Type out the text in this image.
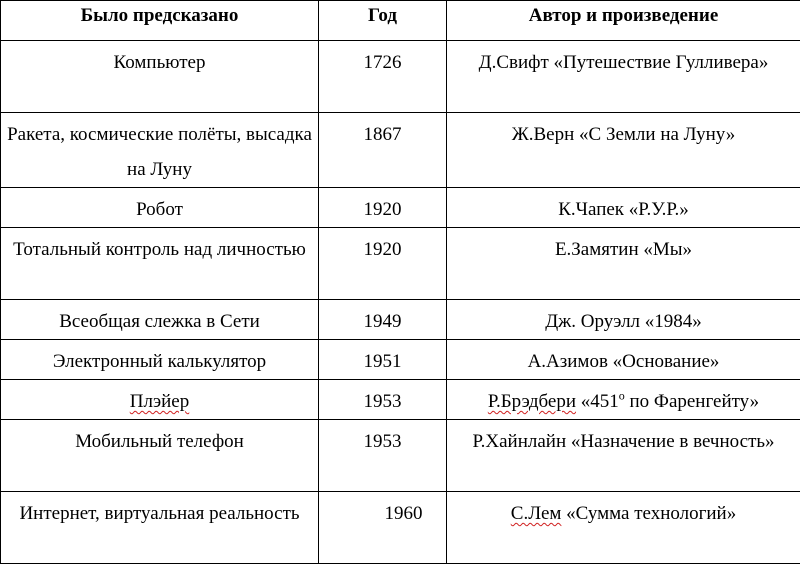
Было предсказано	Год	Автор и произведение
Компьютер	1726	Д.Свифт «Путешествие Гулливера»
Ракета, космические полёты, высадка на Луну	1867	Ж.Верн «С Земли на Луну»
Робот	1920	К.Чапек «Р.У.Р.»
Тотальный контроль над личностью	1920	Е.Замятин «Мы»
Всеобщая слежка в Сети	1949	Дж. Оруэлл «1984»
Электронный калькулятор	1951	А.Азимов «Основание»
Плэйер	1953	Р.Брэдбери «$451^о$ по Фаренгейту»
Мобильный телефон	1953	Р.Хайнлайн «Назначение в вечность»
Интернет, виртуальная реальность	1960	С.Лем «Сумма технологий»
